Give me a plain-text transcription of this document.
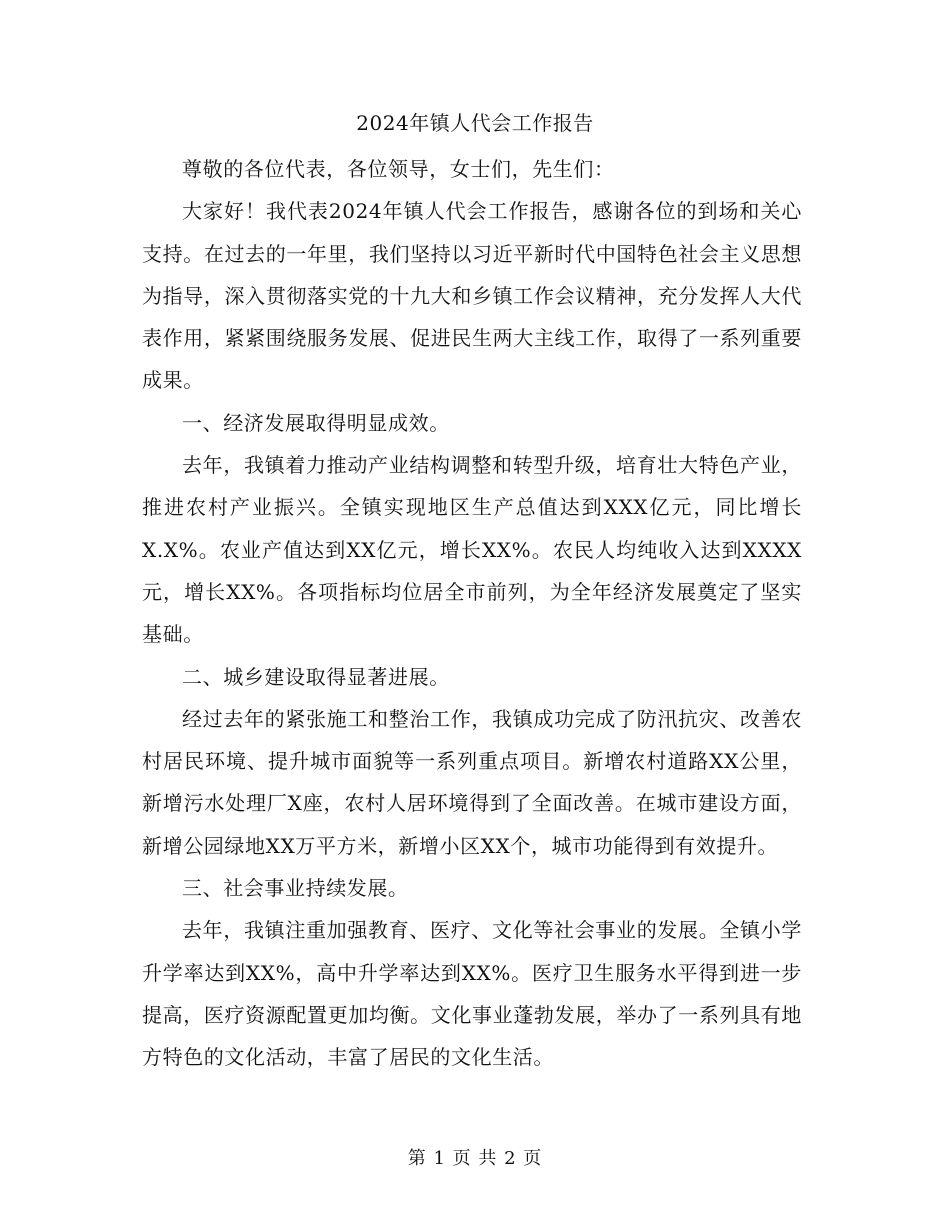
2024年镇人代会工作报告

尊敬的各位代表，各位领导，女士们，先生们：

大家好！我代表2024年镇人代会工作报告，感谢各位的到场和关心支持。在过去的一年里，我们坚持以习近平新时代中国特色社会主义思想为指导，深入贯彻落实党的十九大和乡镇工作会议精神，充分发挥人大代表作用，紧紧围绕服务发展、促进民生两大主线工作，取得了一系列重要成果。

一、经济发展取得明显成效。

去年，我镇着力推动产业结构调整和转型升级，培育壮大特色产业，推进农村产业振兴。全镇实现地区生产总值达到XXX亿元，同比增长X.X%。农业产值达到XX亿元，增长XX%。农民人均纯收入达到XXXX元，增长XX%。各项指标均位居全市前列，为全年经济发展奠定了坚实基础。

二、城乡建设取得显著进展。

经过去年的紧张施工和整治工作，我镇成功完成了防汛抗灾、改善农村居民环境、提升城市面貌等一系列重点项目。新增农村道路XX公里，新增污水处理厂X座，农村人居环境得到了全面改善。在城市建设方面，新增公园绿地XX万平方米，新增小区XX个，城市功能得到有效提升。

三、社会事业持续发展。

去年，我镇注重加强教育、医疗、文化等社会事业的发展。全镇小学升学率达到XX%，高中升学率达到XX%。医疗卫生服务水平得到进一步提高，医疗资源配置更加均衡。文化事业蓬勃发展，举办了一系列具有地方特色的文化活动，丰富了居民的文化生活。

第 1 页 共 2 页
